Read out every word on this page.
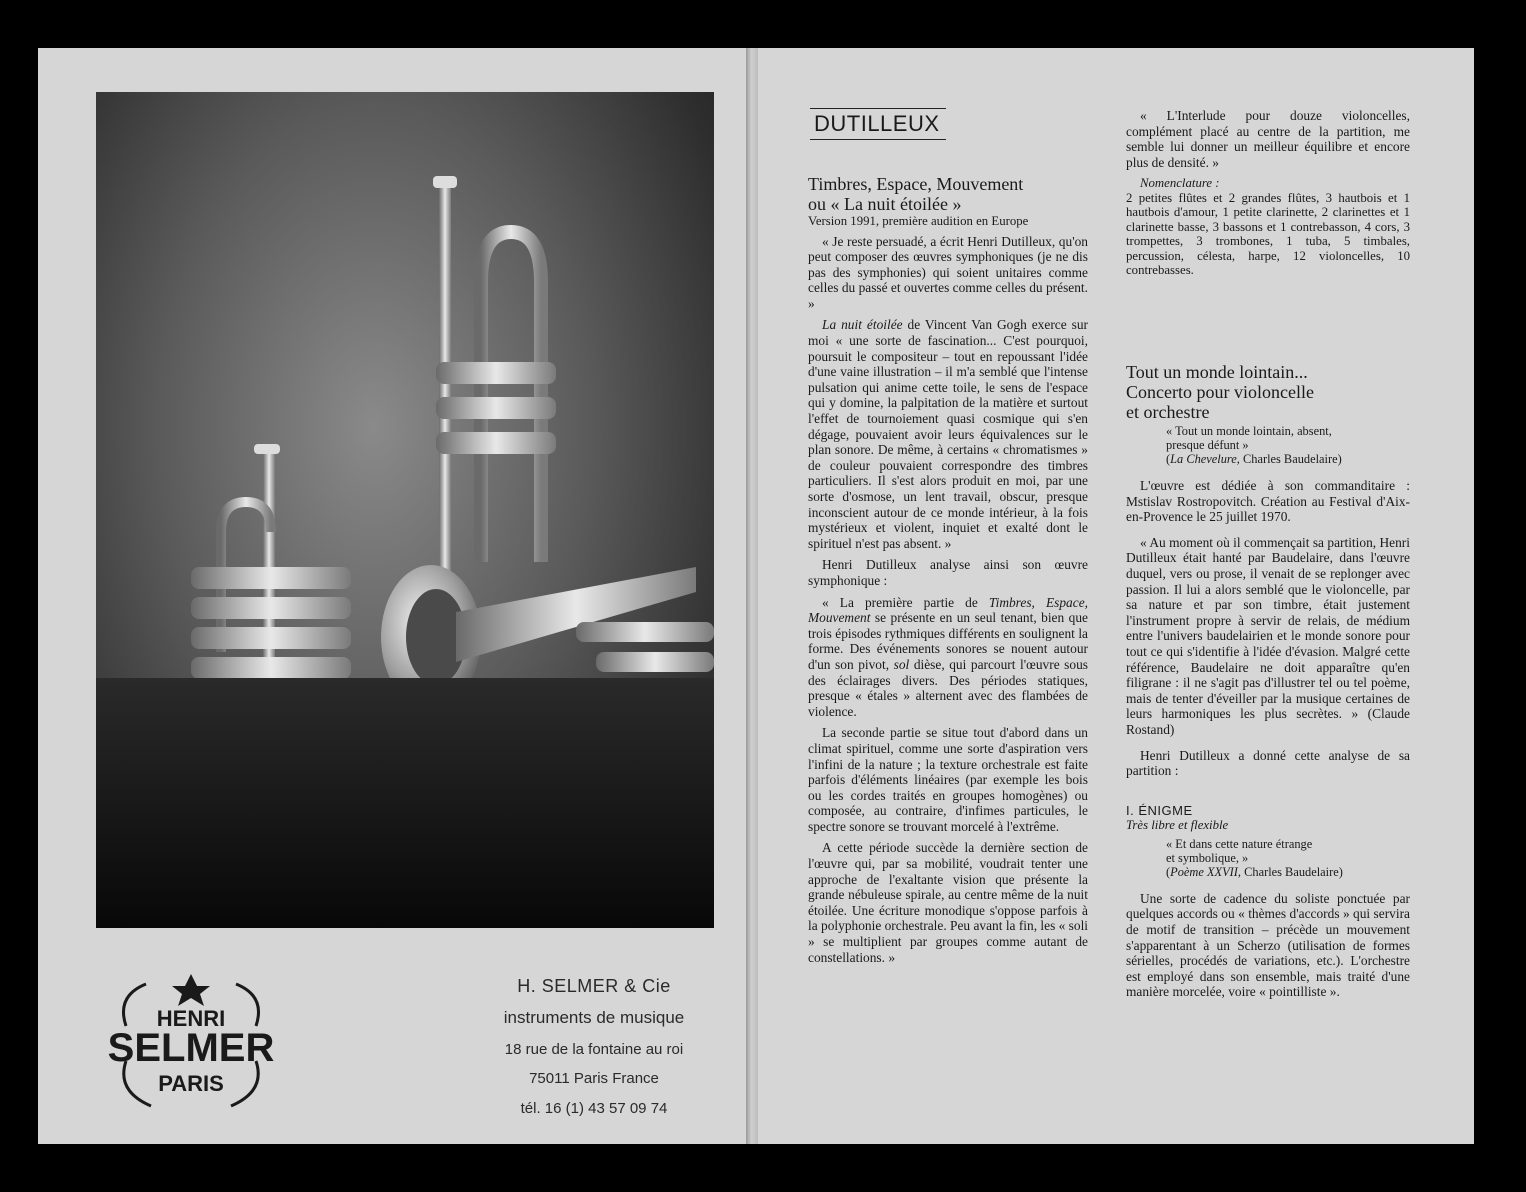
HENRI
SELMER
PARIS
H. SELMER & Cie
instruments de musique
18 rue de la fontaine au roi
75011 Paris France
tél. 16 (1) 43 57 09 74
DUTILLEUX
Timbres, Espace, Mouvement
ou « La nuit étoilée »
Version 1991, première audition en Europe

« Je reste persuadé, a écrit Henri Dutilleux, qu'on peut composer des œuvres symphoniques (je ne dis pas des symphonies) qui soient unitaires comme celles du passé et ouvertes comme celles du présent. »

La nuit étoilée de Vincent Van Gogh exerce sur moi « une sorte de fascination... C'est pourquoi, poursuit le compositeur – tout en repoussant l'idée d'une vaine illustration – il m'a semblé que l'intense pulsation qui anime cette toile, le sens de l'espace qui y domine, la palpitation de la matière et surtout l'effet de tournoiement quasi cosmique qui s'en dégage, pouvaient avoir leurs équivalences sur le plan sonore. De même, à certains « chromatismes » de couleur pouvaient correspondre des timbres particuliers. Il s'est alors produit en moi, par une sorte d'osmose, un lent travail, obscur, presque inconscient autour de ce monde intérieur, à la fois mystérieux et violent, inquiet et exalté dont le spirituel n'est pas absent. »

Henri Dutilleux analyse ainsi son œuvre symphonique :

« La première partie de Timbres, Espace, Mouvement se présente en un seul tenant, bien que trois épisodes rythmiques différents en soulignent la forme. Des événements sonores se nouent autour d'un son pivot, sol dièse, qui parcourt l'œuvre sous des éclairages divers. Des périodes statiques, presque « étales » alternent avec des flambées de violence.

La seconde partie se situe tout d'abord dans un climat spirituel, comme une sorte d'aspiration vers l'infini de la nature ; la texture orchestrale est faite parfois d'éléments linéaires (par exemple les bois ou les cordes traités en groupes homogènes) ou composée, au contraire, d'infimes particules, le spectre sonore se trouvant morcelé à l'extrême.

A cette période succède la dernière section de l'œuvre qui, par sa mobilité, voudrait tenter une approche de l'exaltante vision que présente la grande nébuleuse spirale, au centre même de la nuit étoilée. Une écriture monodique s'oppose parfois à la polyphonie orchestrale. Peu avant la fin, les « soli » se multiplient par groupes comme autant de constellations. »

« L'Interlude pour douze violoncelles, complément placé au centre de la partition, me semble lui donner un meilleur équilibre et encore plus de densité. »

Nomenclature :
2 petites flûtes et 2 grandes flûtes, 3 hautbois et 1 hautbois d'amour, 1 petite clarinette, 2 clarinettes et 1 clarinette basse, 3 bassons et 1 contrebasson, 4 cors, 3 trompettes, 3 trombones, 1 tuba, 5 timbales, percussion, célesta, harpe, 12 violoncelles, 10 contrebasses.
Tout un monde lointain...
Concerto pour violoncelle
et orchestre
« Tout un monde lointain, absent,
presque défunt »
(La Chevelure, Charles Baudelaire)

L'œuvre est dédiée à son commanditaire : Mstislav Rostropovitch. Création au Festival d'Aix-en-Provence le 25 juillet 1970.

« Au moment où il commençait sa partition, Henri Dutilleux était hanté par Baudelaire, dans l'œuvre duquel, vers ou prose, il venait de se replonger avec passion. Il lui a alors semblé que le violoncelle, par sa nature et par son timbre, était justement l'instrument propre à servir de relais, de médium entre l'univers baudelairien et le monde sonore pour tout ce qui s'identifie à l'idée d'évasion. Malgré cette référence, Baudelaire ne doit apparaître qu'en filigrane : il ne s'agit pas d'illustrer tel ou tel poème, mais de tenter d'éveiller par la musique certaines de leurs harmoniques les plus secrètes. » (Claude Rostand)

Henri Dutilleux a donné cette analyse de sa partition :

I. ÉNIGME
Très libre et flexible
« Et dans cette nature étrange
et symbolique, »
(Poème XXVII, Charles Baudelaire)

Une sorte de cadence du soliste ponctuée par quelques accords ou « thèmes d'accords » qui servira de motif de transition – précède un mouvement s'apparentant à un Scherzo (utilisation de formes sérielles, procédés de variations, etc.). L'orchestre est employé dans son ensemble, mais traité d'une manière morcelée, voire « pointilliste ».
